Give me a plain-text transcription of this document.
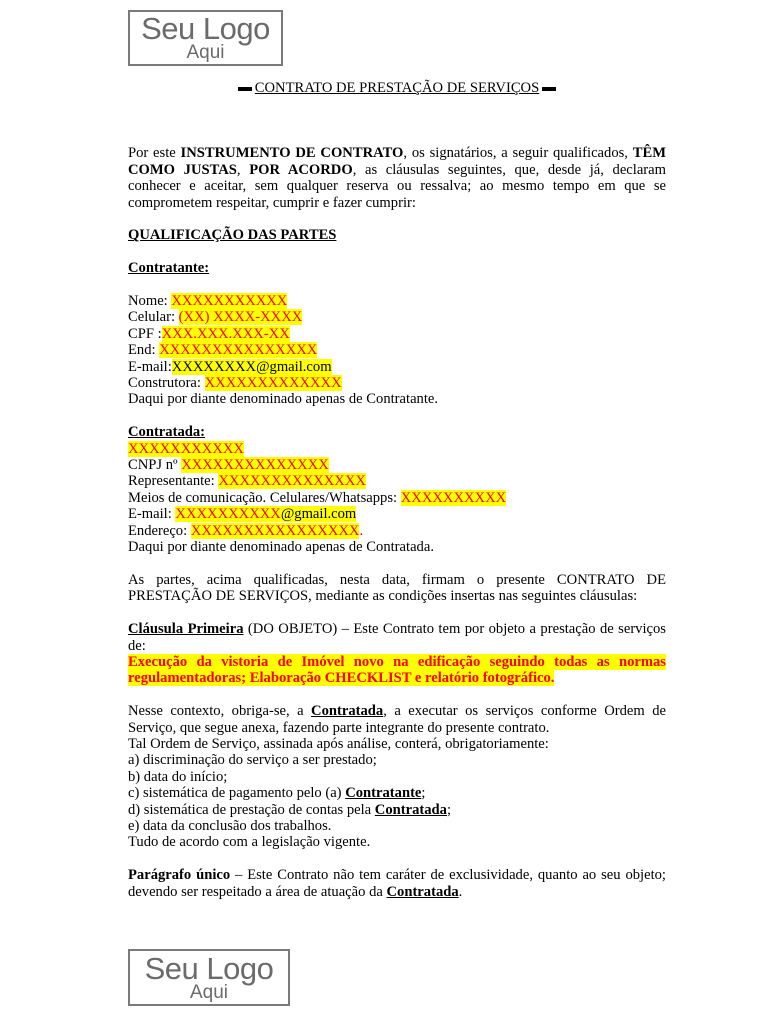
Seu Logo
Aqui

CONTRATO DE PRESTAÇÃO DE SERVIÇOS

Por este INSTRUMENTO DE CONTRATO, os signatários, a seguir qualificados, TÊM COMO JUSTAS, POR ACORDO, as cláusulas seguintes, que, desde já, declaram conhecer e aceitar, sem qualquer reserva ou ressalva; ao mesmo tempo em que se comprometem respeitar, cumprir e fazer cumprir:

QUALIFICAÇÃO DAS PARTES

Contratante:

Nome: XXXXXXXXXXX

Celular: (XX) XXXX-XXXX

CPF :XXX.XXX.XXX-XX

End: XXXXXXXXXXXXXXX

E-mail:XXXXXXXX@gmail.com

Construtora: XXXXXXXXXXXXX

Daqui por diante denominado apenas de Contratante.

Contratada:

XXXXXXXXXXX

CNPJ nº XXXXXXXXXXXXXX

Representante: XXXXXXXXXXXXXX

Meios de comunicação. Celulares/Whatsapps: XXXXXXXXXX

E-mail: XXXXXXXXXX@gmail.com

Endereço: XXXXXXXXXXXXXXXX.

Daqui por diante denominado apenas de Contratada.

As partes, acima qualificadas, nesta data, firmam o presente CONTRATO DE PRESTAÇÃO DE SERVIÇOS, mediante as condições insertas nas seguintes cláusulas:

Cláusula Primeira (DO OBJETO) – Este Contrato tem por objeto a prestação de serviços de:

Execução da vistoria de Imóvel novo na edificação seguindo todas as normas regulamentadoras; Elaboração CHECKLIST e relatório fotográfico.

Nesse contexto, obriga-se, a Contratada, a executar os serviços conforme Ordem de Serviço, que segue anexa, fazendo parte integrante do presente contrato.

Tal Ordem de Serviço, assinada após análise, conterá, obrigatoriamente:

a) discriminação do serviço a ser prestado;

b) data do início;

c) sistemática de pagamento pelo (a) Contratante;

d) sistemática de prestação de contas pela Contratada;

e) data da conclusão dos trabalhos.

Tudo de acordo com a legislação vigente.

Parágrafo único – Este Contrato não tem caráter de exclusividade, quanto ao seu objeto; devendo ser respeitado a área de atuação da Contratada.

Seu Logo
Aqui
